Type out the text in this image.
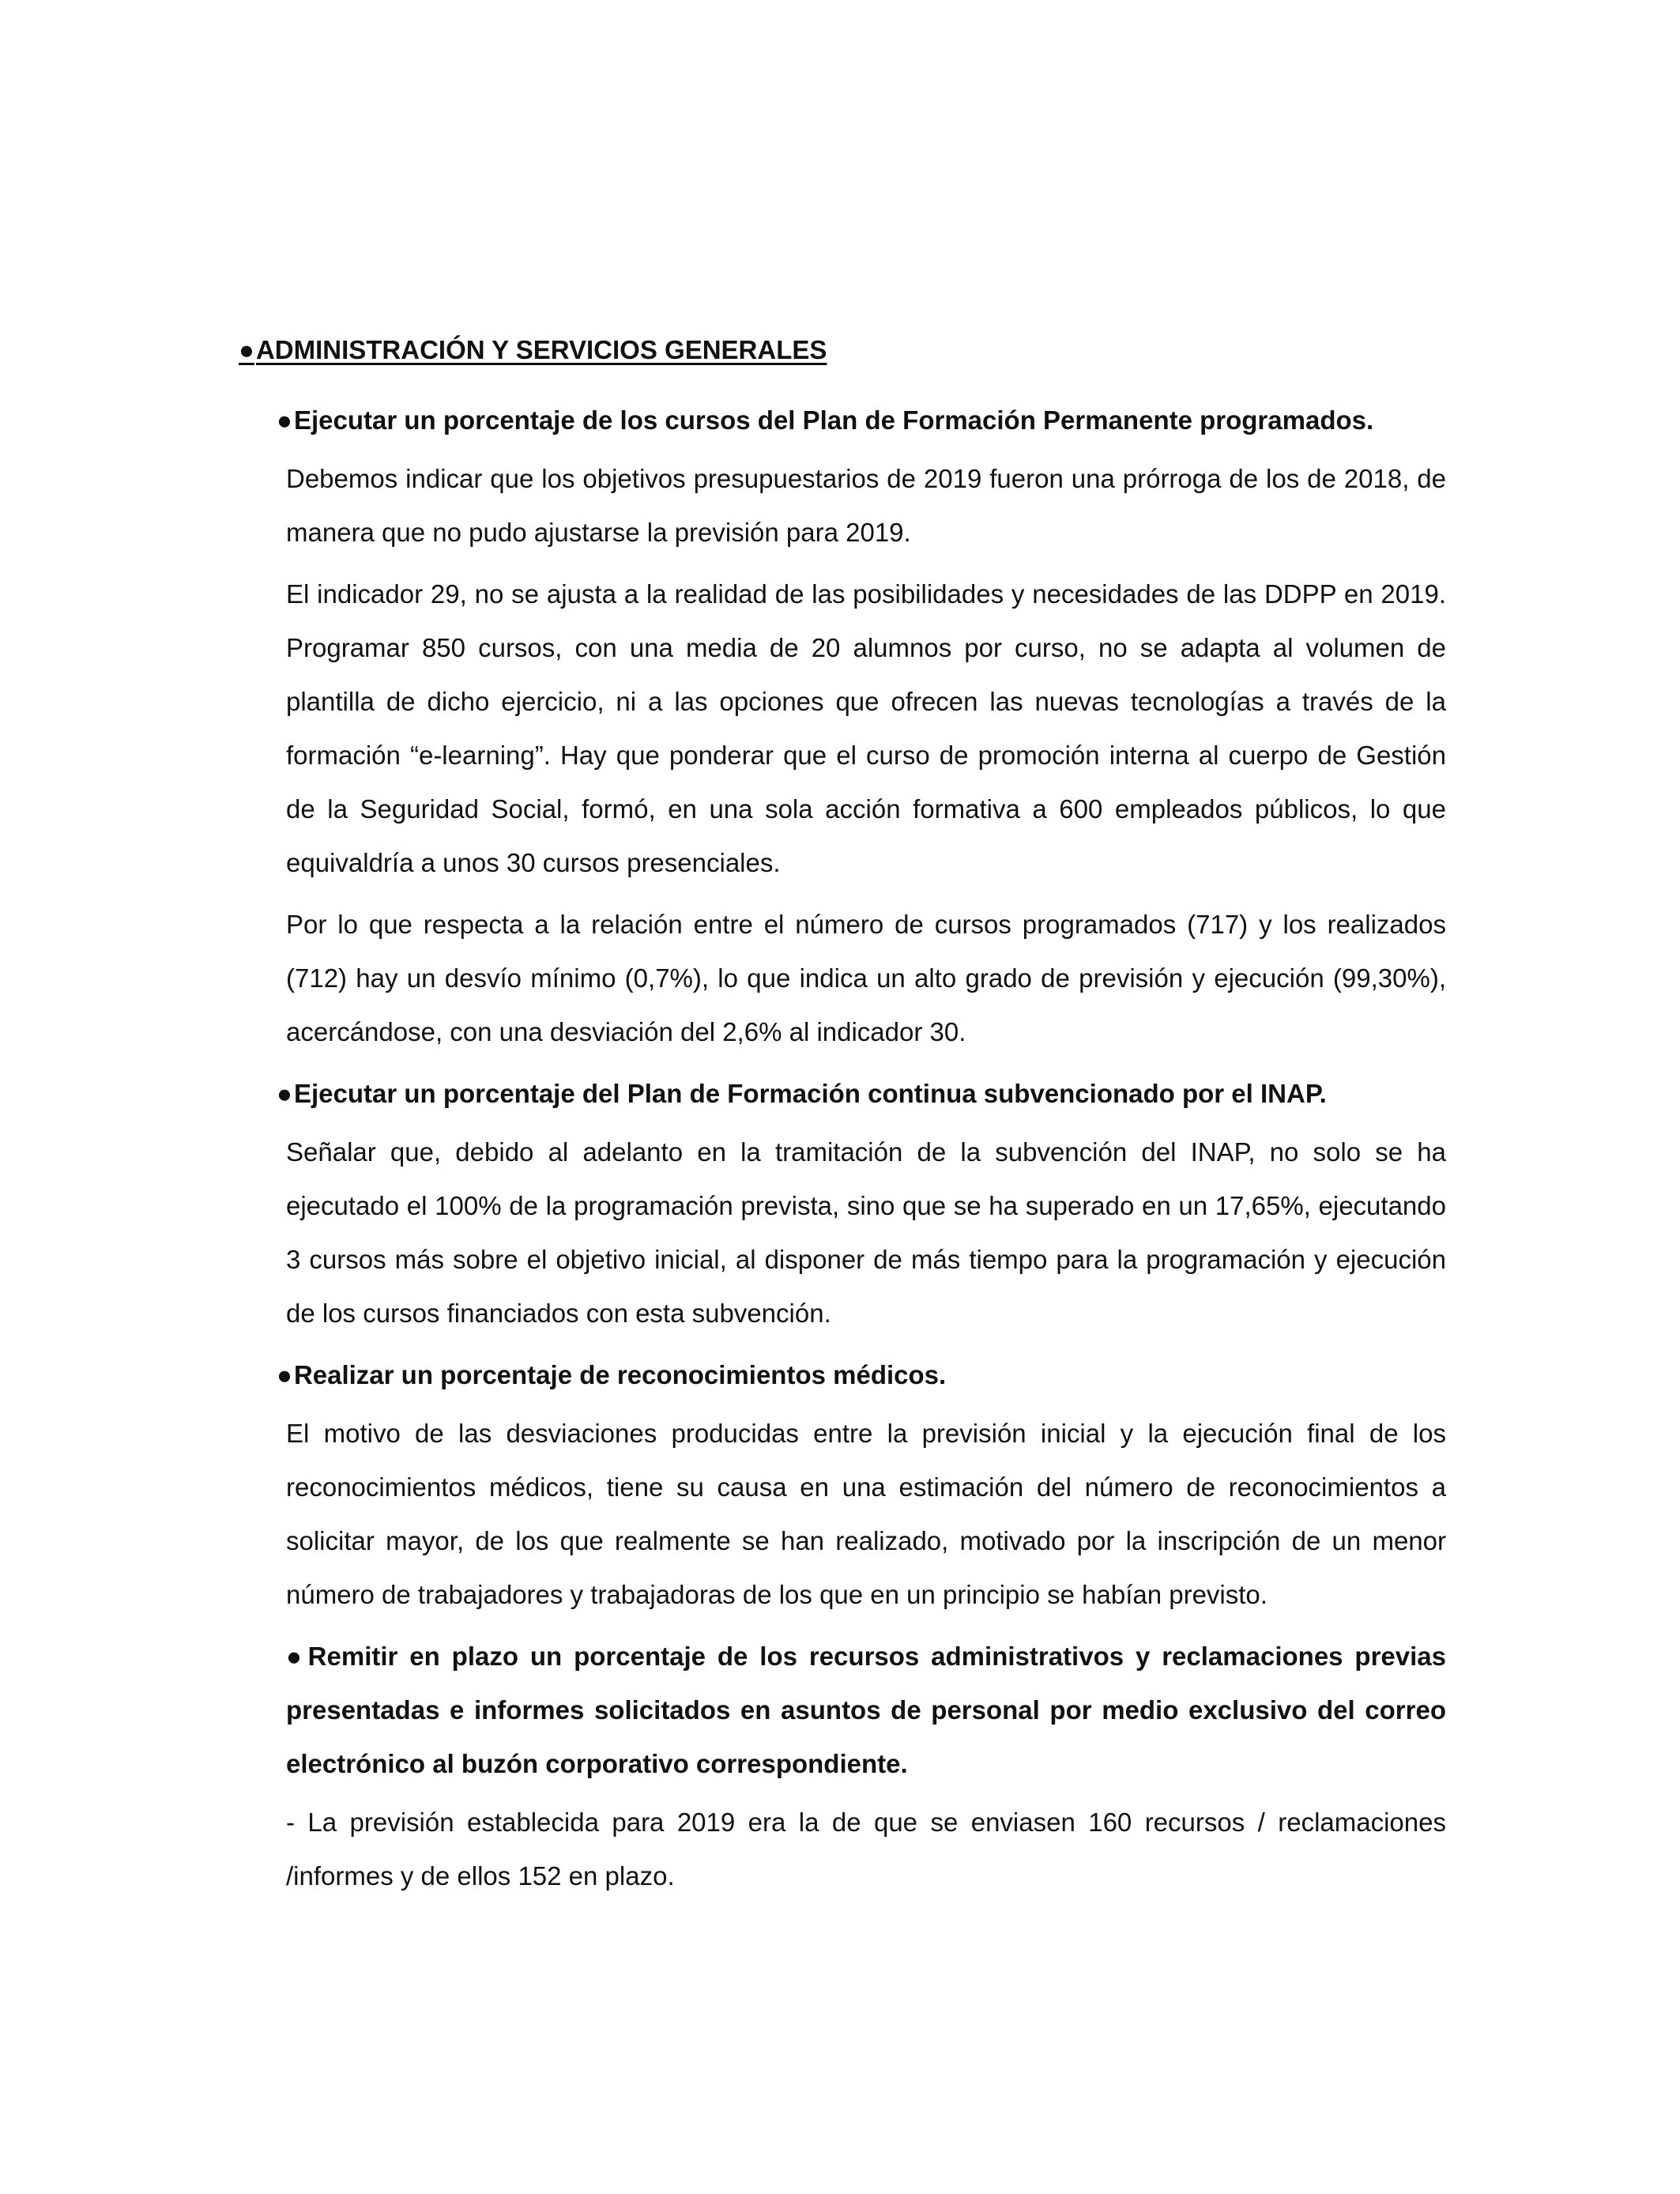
●ADMINISTRACIÓN Y SERVICIOS GENERALES
●Ejecutar un porcentaje de los cursos del Plan de Formación Permanente programados.

Debemos indicar que los objetivos presupuestarios de 2019 fueron una prórroga de los de 2018, de manera que no pudo ajustarse la previsión para 2019.

El indicador 29, no se ajusta a la realidad de las posibilidades y necesidades de las DDPP en 2019. Programar 850 cursos, con una media de 20 alumnos por curso, no se adapta al volumen de plantilla de dicho ejercicio, ni a las opciones que ofrecen las nuevas tecnologías a través de la formación “e-learning”. Hay que ponderar que el curso de promoción interna al cuerpo de Gestión de la Seguridad Social, formó, en una sola acción formativa a 600 empleados públicos, lo que equivaldría a unos 30 cursos presenciales.

Por lo que respecta a la relación entre el número de cursos programados (717) y los realizados (712) hay un desvío mínimo (0,7%), lo que indica un alto grado de previsión y ejecución (99,30%), acercándose, con una desviación del 2,6% al indicador 30.

●Ejecutar un porcentaje del Plan de Formación continua subvencionado por el INAP.

Señalar que, debido al adelanto en la tramitación de la subvención del INAP, no solo se ha ejecutado el 100% de la programación prevista, sino que se ha superado en un 17,65%, ejecutando 3 cursos más sobre el objetivo inicial, al disponer de más tiempo para la programación y ejecución de los cursos financiados con esta subvención.

●Realizar un porcentaje de reconocimientos médicos.

El motivo de las desviaciones producidas entre la previsión inicial y la ejecución final de los reconocimientos médicos, tiene su causa en una estimación del número de reconocimientos a solicitar mayor, de los que realmente se han realizado, motivado por la inscripción de un menor número de trabajadores y trabajadoras de los que en un principio se habían previsto.

●Remitir en plazo un porcentaje de los recursos administrativos y reclamaciones previas presentadas e informes solicitados en asuntos de personal por medio exclusivo del correo electrónico al buzón corporativo correspondiente.

- La previsión establecida para 2019 era la de que se enviasen 160 recursos / reclamaciones /informes y de ellos 152 en plazo.
